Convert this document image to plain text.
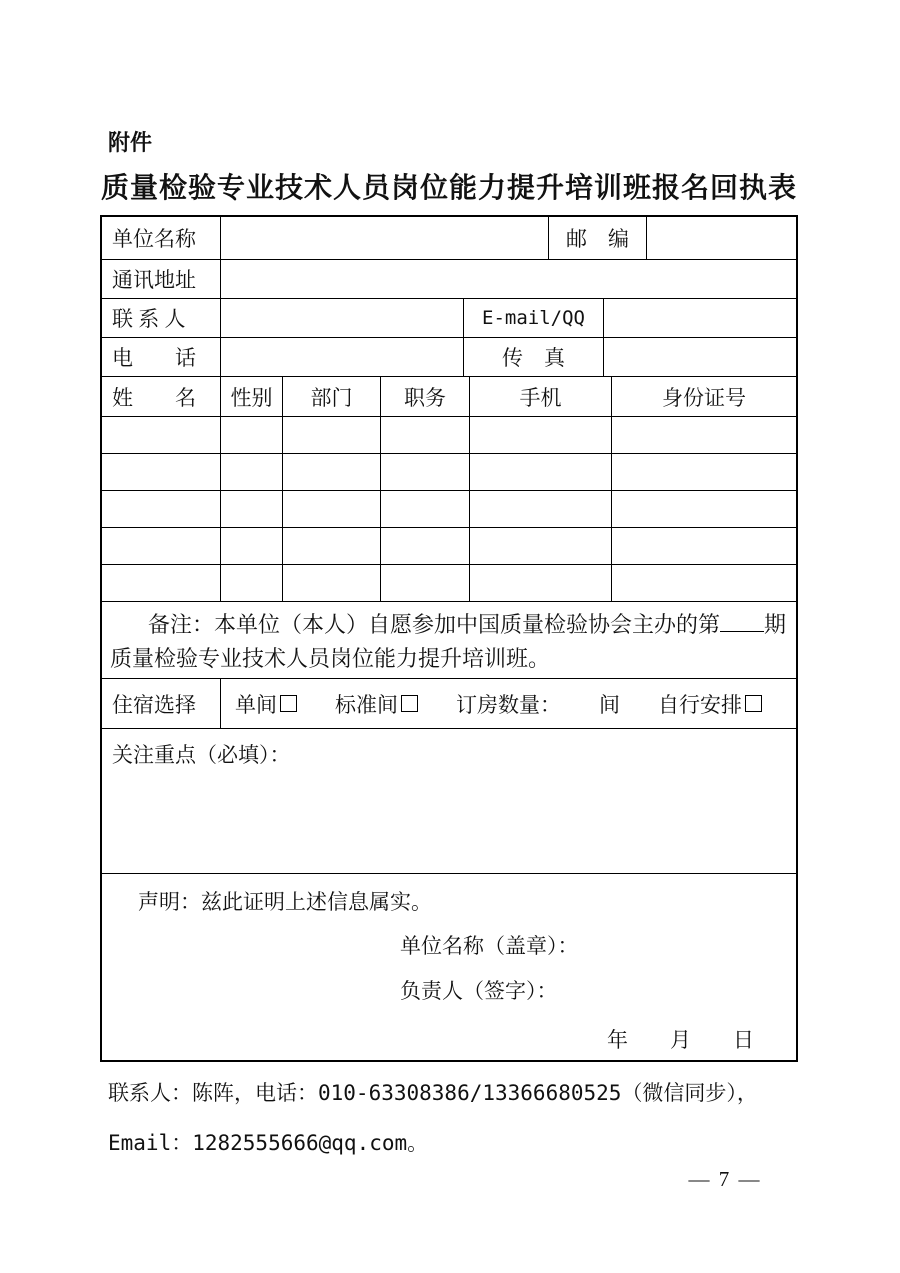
附件
质量检验专业技术人员岗位能力提升培训班报名回执表
单位名称	邮　编
通讯地址
联 系 人	E-mail/QQ
电　　话	传　真
姓　　名	性别	部门	职务	手机	身份证号
备注：本单位（本人）自愿参加中国质量检验协会主办的第 期
质量检验专业技术人员岗位能力提升培训班。
住宿选择	单间	标准间	订房数量： 间 自行安排
关注重点（必填）：
声明：兹此证明上述信息属实。
单位名称（盖章）：
负责人（签字）：
年　　月　　日
联系人：陈阵，电话：010-63308386/13366680525（微信同步），
Email：1282555666@qq.com。
— 7 —
